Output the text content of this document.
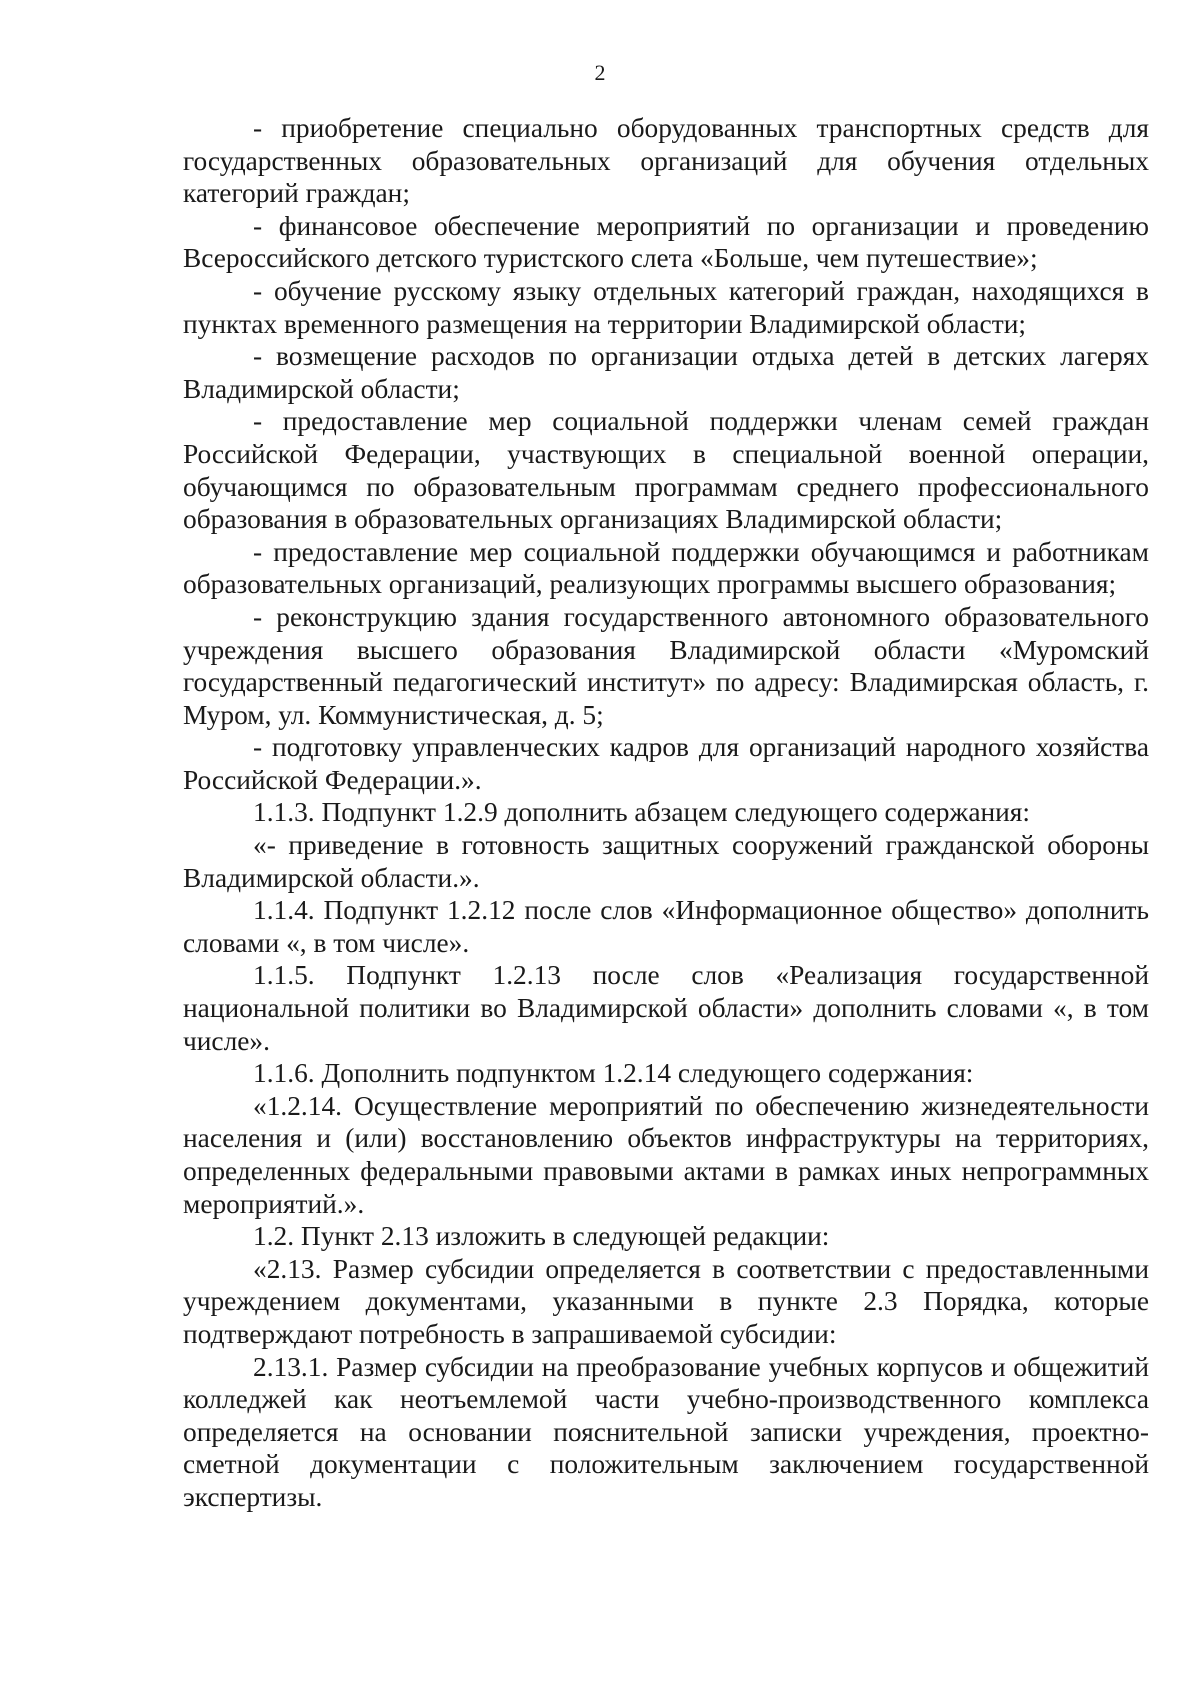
2

- приобретение специально оборудованных транспортных средств для государственных образовательных организаций для обучения отдельных категорий граждан;

- финансовое обеспечение мероприятий по организации и проведению Всероссийского детского туристского слета «Больше, чем путешествие»;

- обучение русскому языку отдельных категорий граждан, находящихся в пунктах временного размещения на территории Владимирской области;

- возмещение расходов по организации отдыха детей в детских лагерях Владимирской области;

- предоставление мер социальной поддержки членам семей граждан Российской Федерации, участвующих в специальной военной операции, обучающимся по образовательным программам среднего профессионального образования в образовательных организациях Владимирской области;

- предоставление мер социальной поддержки обучающимся и работникам образовательных организаций, реализующих программы высшего образования;

- реконструкцию здания государственного автономного образовательного учреждения высшего образования Владимирской области «Муромский государственный педагогический институт» по адресу: Владимирская область, г. Муром, ул. Коммунистическая, д. 5;

- подготовку управленческих кадров для организаций народного хозяйства Российской Федерации.».

1.1.3. Подпункт 1.2.9 дополнить абзацем следующего содержания:

«- приведение в готовность защитных сооружений гражданской обороны Владимирской области.».

1.1.4. Подпункт 1.2.12 после слов «Информационное общество» дополнить словами «, в том числе».

1.1.5. Подпункт 1.2.13 после слов «Реализация государственной национальной политики во Владимирской области» дополнить словами «, в том числе».

1.1.6. Дополнить подпунктом 1.2.14 следующего содержания:

«1.2.14. Осуществление мероприятий по обеспечению жизнедеятельности населения и (или) восстановлению объектов инфраструктуры на территориях, определенных федеральными правовыми актами в рамках иных непрограммных мероприятий.».

1.2. Пункт 2.13 изложить в следующей редакции:

«2.13. Размер субсидии определяется в соответствии с предоставленными учреждением документами, указанными в пункте 2.3 Порядка, которые подтверждают потребность в запрашиваемой субсидии:

2.13.1. Размер субсидии на преобразование учебных корпусов и общежитий колледжей как неотъемлемой части учебно-производственного комплекса определяется на основании пояснительной записки учреждения, проектно-сметной документации с положительным заключением государственной экспертизы.
